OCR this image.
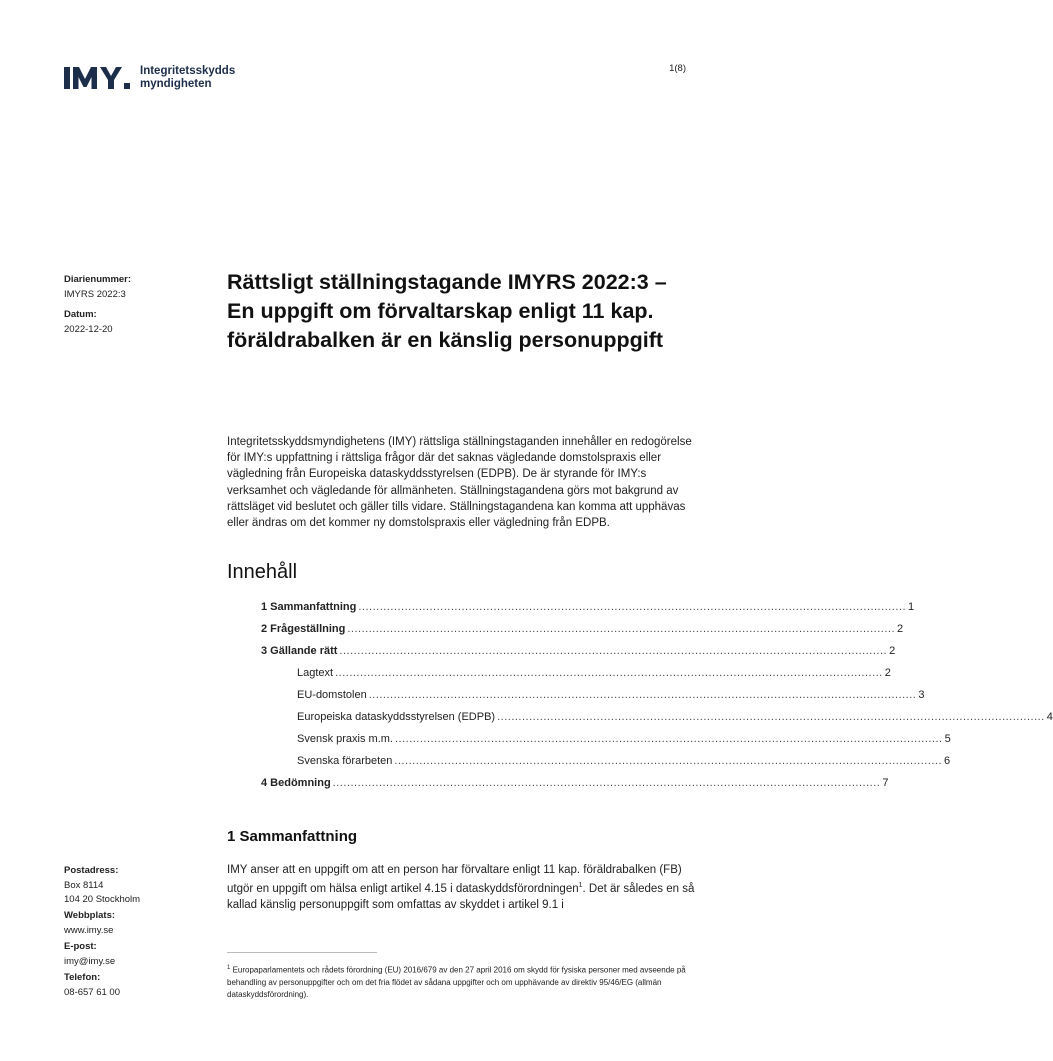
Integritetsskydds
myndigheten
1(8)
Diarienummer:
IMYRS 2022:3
Datum:
2022-12-20
Rättsligt ställningstagande IMYRS 2022:3 – En uppgift om förvaltarskap enligt 11 kap. föräldrabalken är en känslig personuppgift

Integritetsskyddsmyndighetens (IMY) rättsliga ställningstaganden innehåller en redogörelse för IMY:s uppfattning i rättsliga frågor där det saknas vägledande domstolspraxis eller vägledning från Europeiska dataskyddsstyrelsen (EDPB). De är styrande för IMY:s verksamhet och vägledande för allmänheten. Ställningstagandena görs mot bakgrund av rättsläget vid beslutet och gäller tills vidare. Ställningstagandena kan komma att upphävas eller ändras om det kommer ny domstolspraxis eller vägledning från EDPB.

Innehåll
1 Sammanfattning .......................................................................................................................................................... 1
2 Frågeställning .......................................................................................................................................................... 2
3 Gällande rätt .......................................................................................................................................................... 2
Lagtext .......................................................................................................................................................... 2
EU-domstolen .......................................................................................................................................................... 3
Europeiska dataskyddsstyrelsen (EDPB) .......................................................................................................................................................... 4
Svensk praxis m.m. .......................................................................................................................................................... 5
Svenska förarbeten .......................................................................................................................................................... 6
4 Bedömning .......................................................................................................................................................... 7
1 Sammanfattning

IMY anser att en uppgift om att en person har förvaltare enligt 11 kap. föräldrabalken (FB) utgör en uppgift om hälsa enligt artikel 4.15 i dataskyddsförordningen$^1$. Det är således en så kallad känslig personuppgift som omfattas av skyddet i artikel 9.1 i

$^1$ Europaparlamentets och rådets förordning (EU) 2016/679 av den 27 april 2016 om skydd för fysiska personer med avseende på behandling av personuppgifter och om det fria flödet av sådana uppgifter och om upphävande av direktiv 95/46/EG (allmän dataskyddsförordning).

Postadress:
Box 8114
104 20 Stockholm
Webbplats:
www.imy.se
E-post:
imy@imy.se
Telefon:
08-657 61 00
